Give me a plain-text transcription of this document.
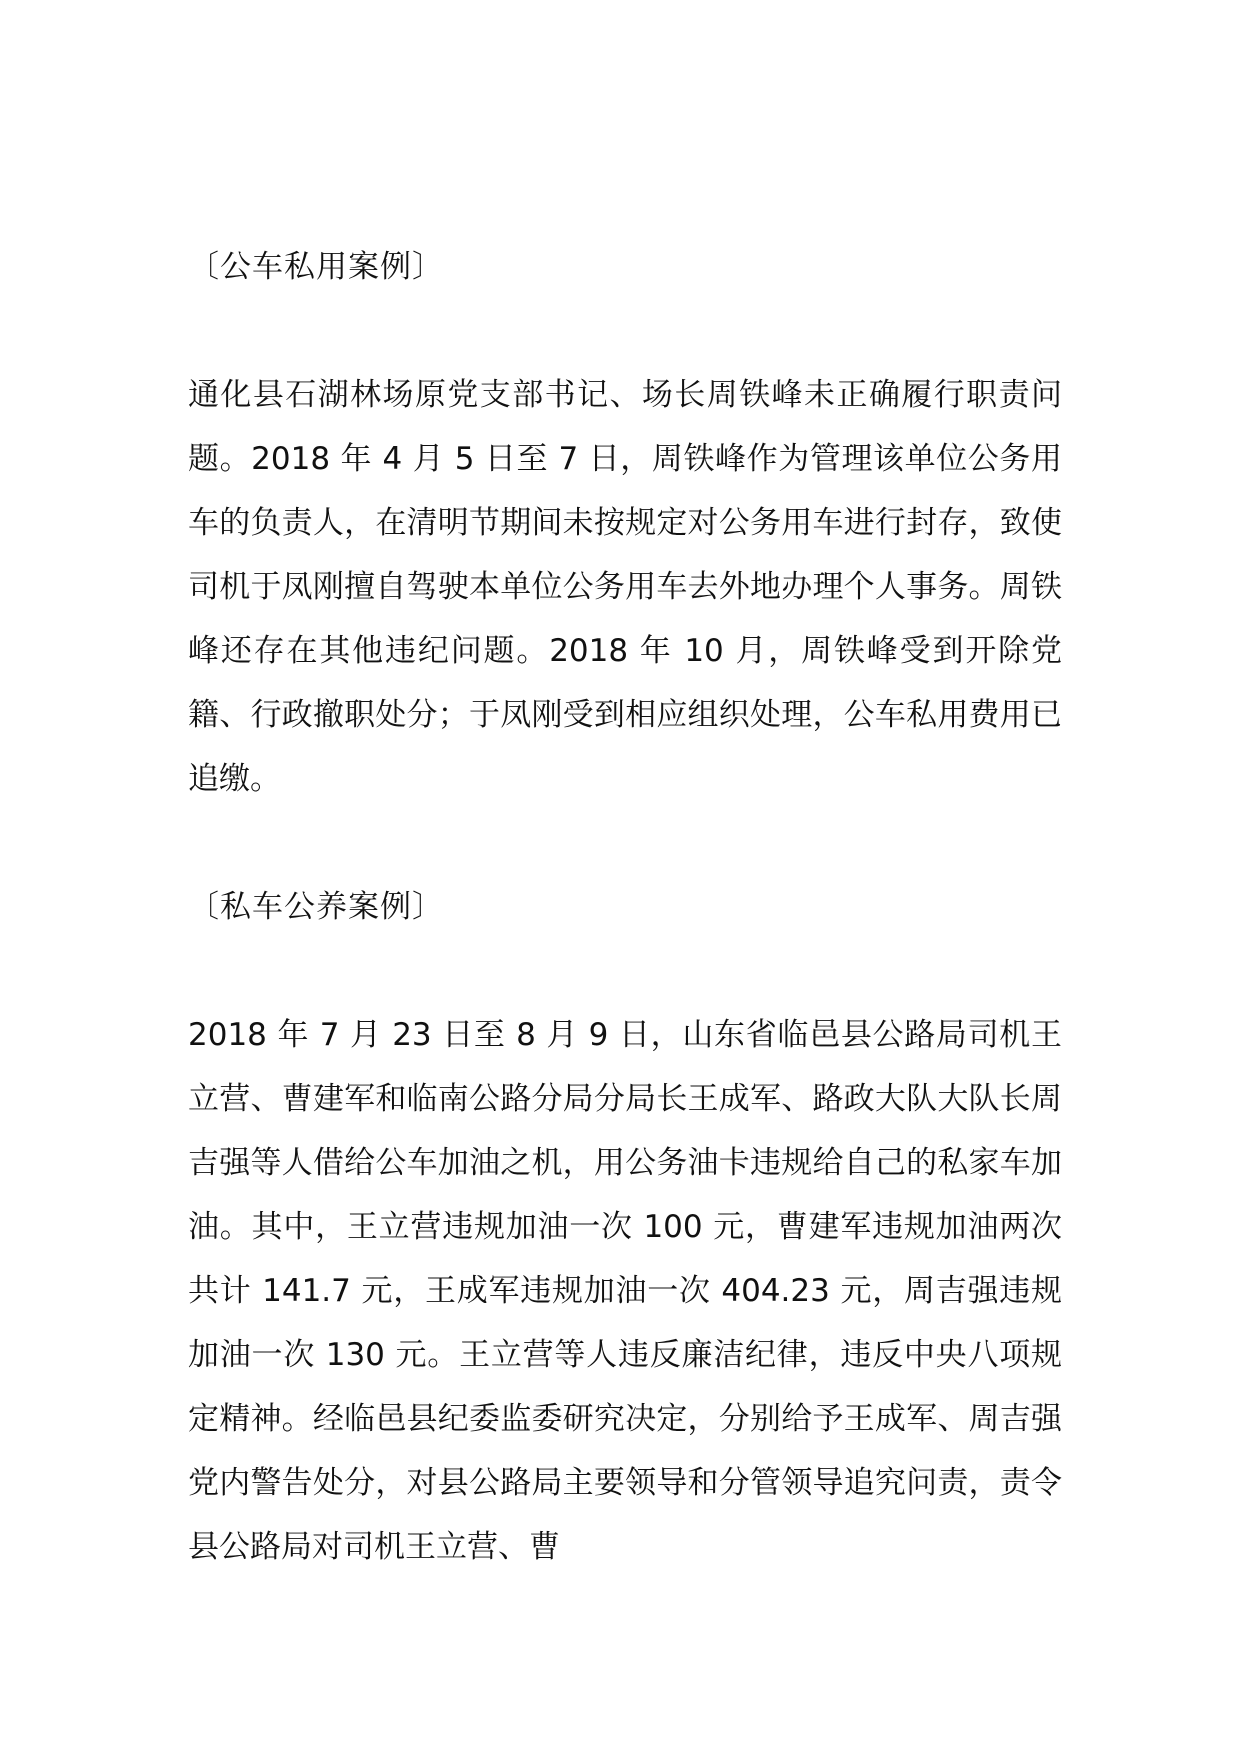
〔公车私用案例〕

通化县石湖林场原党支部书记、场长周铁峰未正确履行职责问题。2018 年 4 月 5 日至 7 日，周铁峰作为管理该单位公务用车的负责人，在清明节期间未按规定对公务用车进行封存，致使司机于凤刚擅自驾驶本单位公务用车去外地办理个人事务。周铁峰还存在其他违纪问题。2018 年 10 月，周铁峰受到开除党籍、行政撤职处分；于凤刚受到相应组织处理，公车私用费用已追缴。

〔私车公养案例〕

2018 年 7 月 23 日至 8 月 9 日，山东省临邑县公路局司机王立营、曹建军和临南公路分局分局长王成军、路政大队大队长周吉强等人借给公车加油之机，用公务油卡违规给自己的私家车加油。其中，王立营违规加油一次 100 元，曹建军违规加油两次共计 141.7 元，王成军违规加油一次 404.23 元，周吉强违规加油一次 130 元。王立营等人违反廉洁纪律，违反中央八项规定精神。经临邑县纪委监委研究决定，分别给予王成军、周吉强党内警告处分，对县公路局主要领导和分管领导追究问责，责令县公路局对司机王立营、曹
